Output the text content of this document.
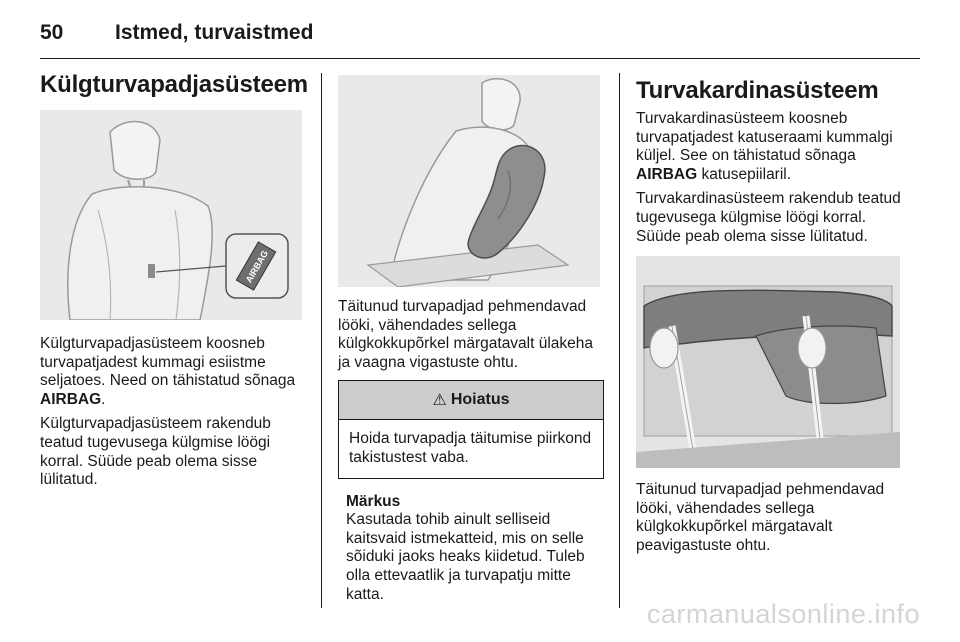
50	Istmed, turvaistmed
Külgturvapadjasüsteem
AIRBAG

Külgturvapadjasüsteem koosneb turvapatjadest kummagi esiistme seljatoes. Need on tähistatud sõnaga AIRBAG.

Külgturvapadjasüsteem rakendub teatud tugevusega külgmise löögi korral. Süüde peab olema sisse lülitatud.

Täitunud turvapadjad pehmendavad lööki, vähendades sellega külgkokkupõrkel märgatavalt ülakeha ja vaagna vigastuste ohtu.

⚠ Hoiatus
Hoida turvapadja täitumise piirkond takistustest vaba.
Märkus

Kasutada tohib ainult selliseid kaitsvaid istmekatteid, mis on selle sõiduki jaoks heaks kiidetud. Tuleb olla ettevaatlik ja turvapatju mitte katta.

Turvakardinasüsteem

Turvakardinasüsteem koosneb turvapatjadest katuseraami kummalgi küljel. See on tähistatud sõnaga AIRBAG katusepiilaril.

Turvakardinasüsteem rakendub teatud tugevusega külgmise löögi korral. Süüde peab olema sisse lülitatud.

Täitunud turvapadjad pehmendavad lööki, vähendades sellega külgkokkupõrkel märgatavalt peavigastuste ohtu.

carmanualsonline.info
